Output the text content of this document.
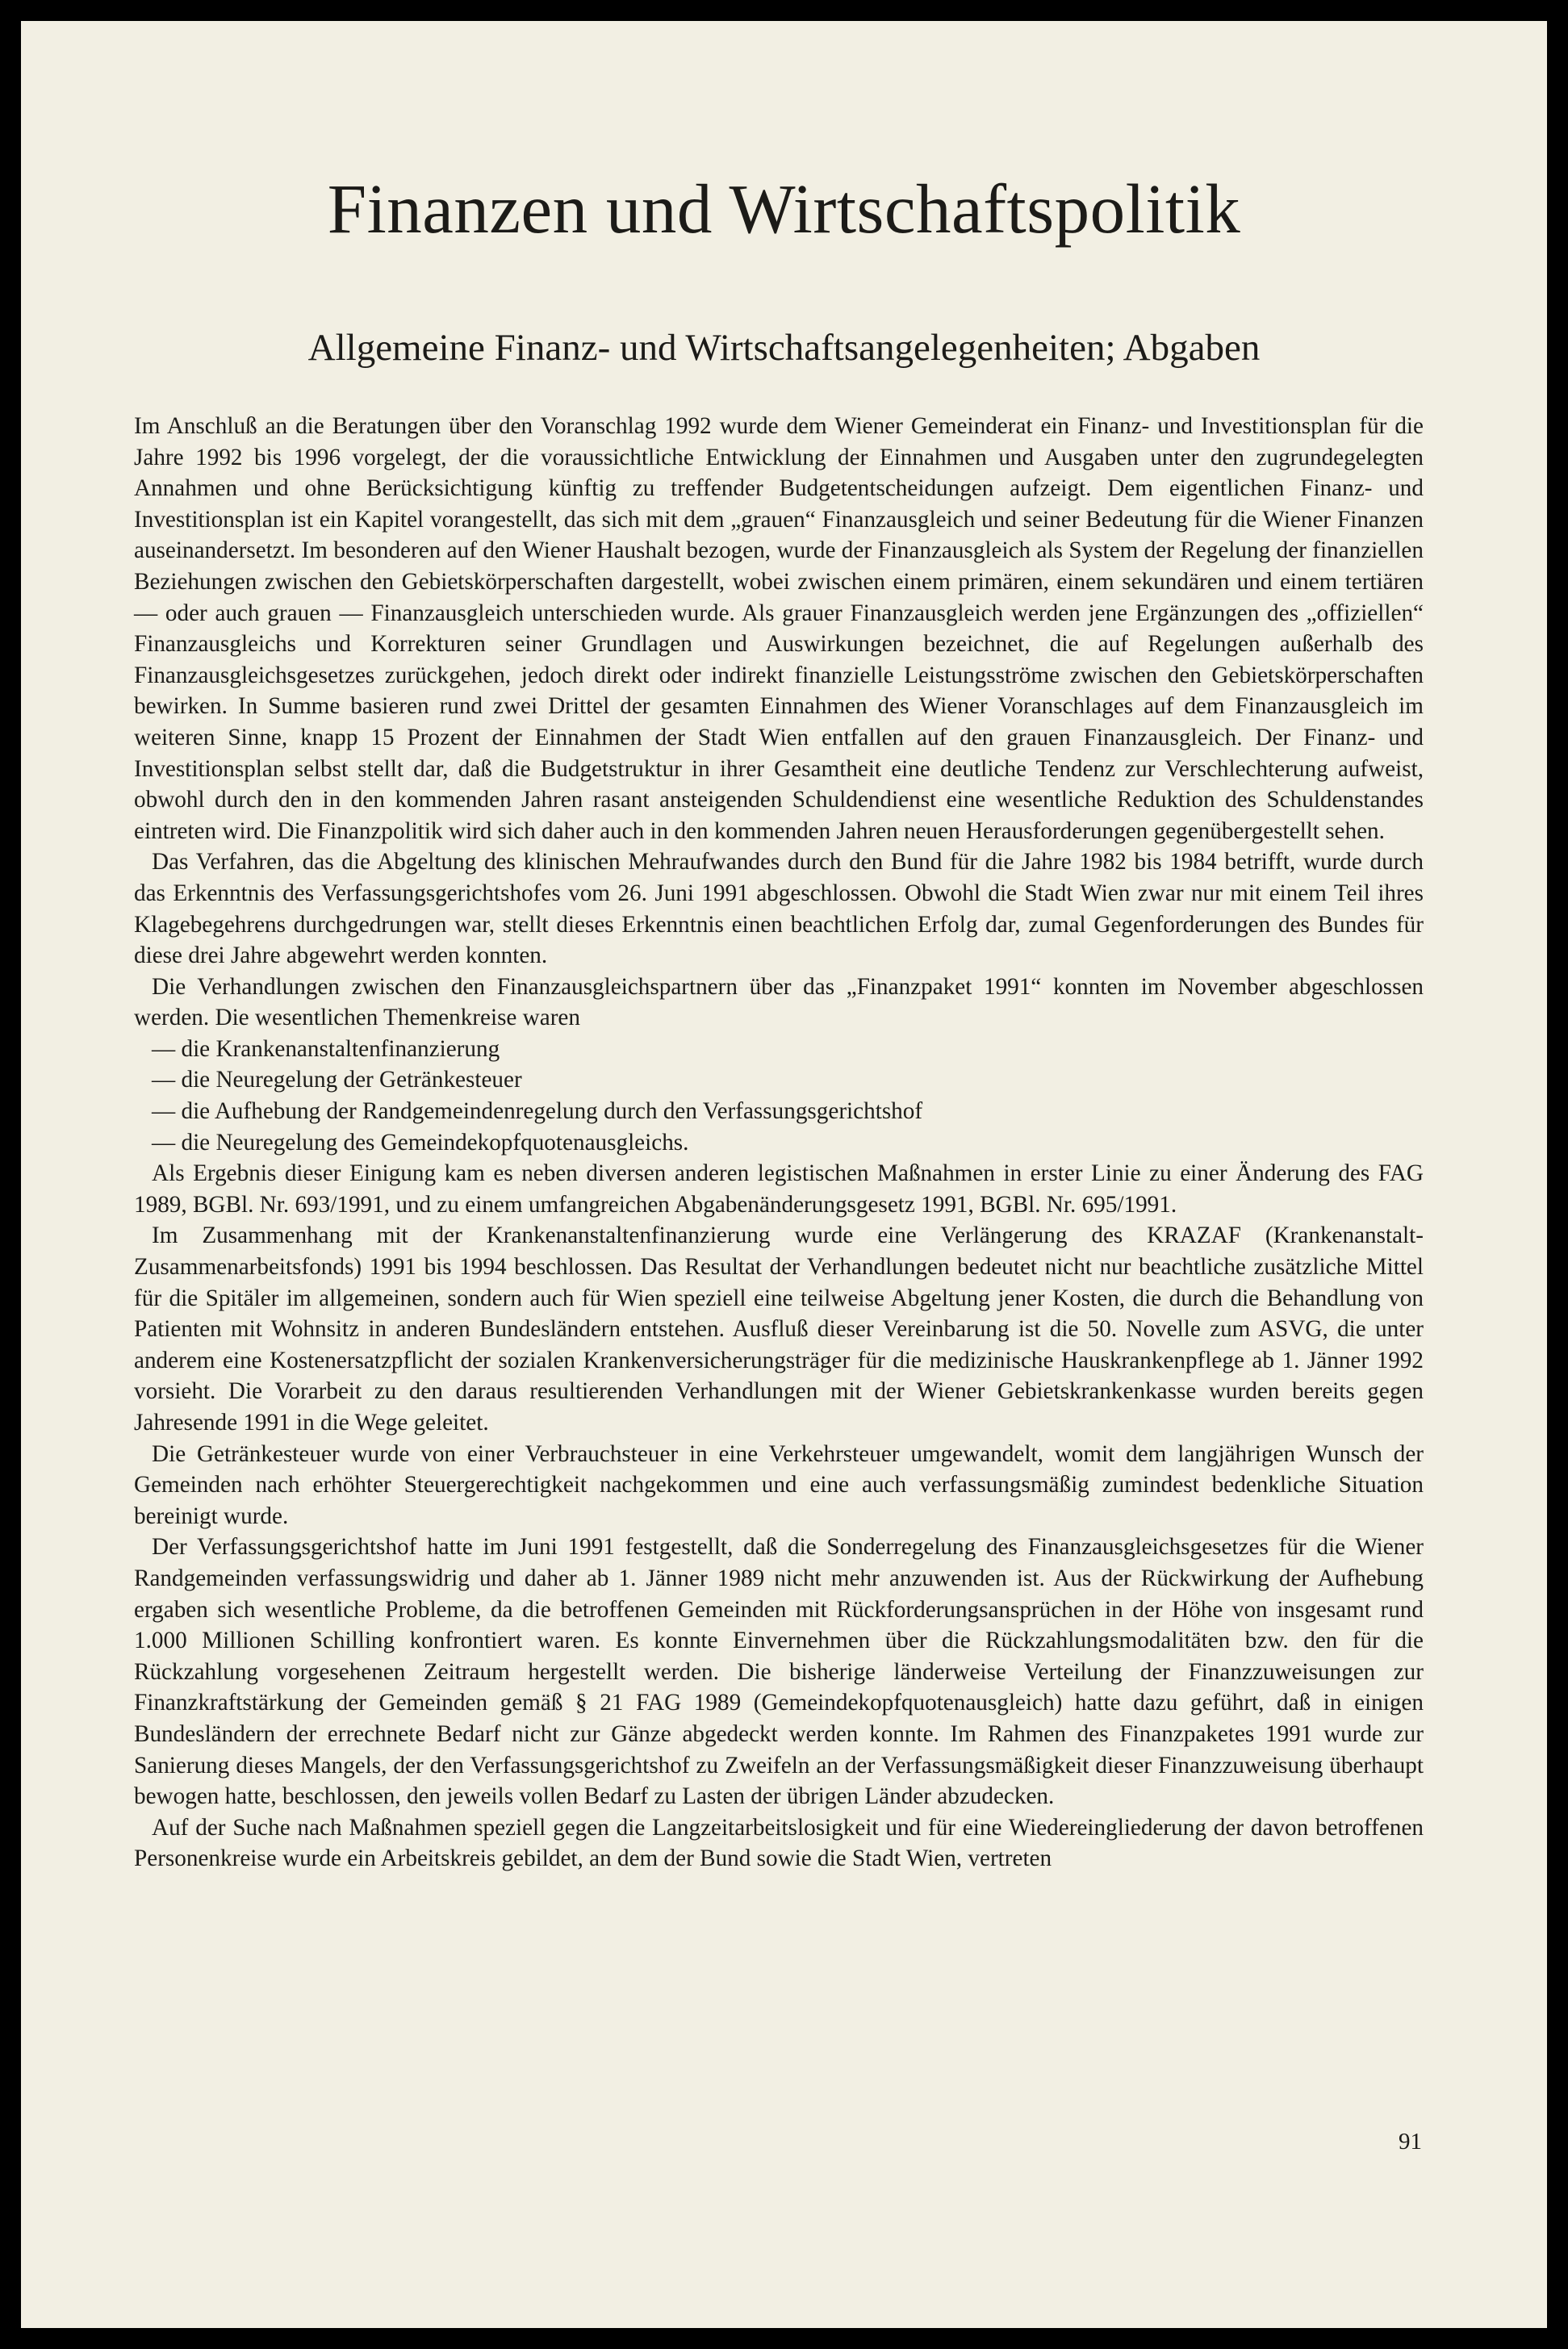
Finanzen und Wirtschaftspolitik
Allgemeine Finanz- und Wirtschaftsangelegenheiten; Abgaben

Im Anschluß an die Beratungen über den Voranschlag 1992 wurde dem Wiener Gemeinderat ein Finanz- und Investitionsplan für die Jahre 1992 bis 1996 vorgelegt, der die voraussichtliche Entwicklung der Einnahmen und Ausgaben unter den zugrundegelegten Annahmen und ohne Berücksichtigung künftig zu treffender Budgetentscheidungen aufzeigt. Dem eigentlichen Finanz- und Investitionsplan ist ein Kapitel vorangestellt, das sich mit dem „grauen“ Finanzausgleich und seiner Bedeutung für die Wiener Finanzen auseinandersetzt. Im besonderen auf den Wiener Haushalt bezogen, wurde der Finanzausgleich als System der Regelung der finanziellen Beziehungen zwischen den Gebietskörperschaften dargestellt, wobei zwischen einem primären, einem sekundären und einem tertiären — oder auch grauen — Finanzausgleich unterschieden wurde. Als grauer Finanzausgleich werden jene Ergänzungen des „offiziellen“ Finanzausgleichs und Korrekturen seiner Grundlagen und Auswirkungen bezeichnet, die auf Regelungen außerhalb des Finanzausgleichsgesetzes zurückgehen, jedoch direkt oder indirekt finanzielle Leistungsströme zwischen den Gebietskörperschaften bewirken. In Summe basieren rund zwei Drittel der gesamten Einnahmen des Wiener Voranschlages auf dem Finanzausgleich im weiteren Sinne, knapp 15 Prozent der Einnahmen der Stadt Wien entfallen auf den grauen Finanzausgleich. Der Finanz- und Investitionsplan selbst stellt dar, daß die Budgetstruktur in ihrer Gesamtheit eine deutliche Tendenz zur Verschlechterung aufweist, obwohl durch den in den kommenden Jahren rasant ansteigenden Schuldendienst eine wesentliche Reduktion des Schuldenstandes eintreten wird. Die Finanzpolitik wird sich daher auch in den kommenden Jahren neuen Herausforderungen gegenübergestellt sehen.

Das Verfahren, das die Abgeltung des klinischen Mehraufwandes durch den Bund für die Jahre 1982 bis 1984 betrifft, wurde durch das Erkenntnis des Verfassungsgerichtshofes vom 26. Juni 1991 abgeschlossen. Obwohl die Stadt Wien zwar nur mit einem Teil ihres Klagebegehrens durchgedrungen war, stellt dieses Erkenntnis einen beachtlichen Erfolg dar, zumal Gegenforderungen des Bundes für diese drei Jahre abgewehrt werden konnten.

Die Verhandlungen zwischen den Finanzausgleichspartnern über das „Finanzpaket 1991“ konnten im November abgeschlossen werden. Die wesentlichen Themenkreise waren

— die Krankenanstaltenfinanzierung

— die Neuregelung der Getränkesteuer

— die Aufhebung der Randgemeindenregelung durch den Verfassungsgerichtshof

— die Neuregelung des Gemeindekopfquotenausgleichs.

Als Ergebnis dieser Einigung kam es neben diversen anderen legistischen Maßnahmen in erster Linie zu einer Änderung des FAG 1989, BGBl. Nr. 693/1991, und zu einem umfangreichen Abgabenänderungsgesetz 1991, BGBl. Nr. 695/1991.

Im Zusammenhang mit der Krankenanstaltenfinanzierung wurde eine Verlängerung des KRAZAF (Krankenanstalt-Zusammenarbeitsfonds) 1991 bis 1994 beschlossen. Das Resultat der Verhandlungen bedeutet nicht nur beachtliche zusätzliche Mittel für die Spitäler im allgemeinen, sondern auch für Wien speziell eine teilweise Abgeltung jener Kosten, die durch die Behandlung von Patienten mit Wohnsitz in anderen Bundesländern entstehen. Ausfluß dieser Vereinbarung ist die 50. Novelle zum ASVG, die unter anderem eine Kostenersatzpflicht der sozialen Krankenversicherungsträger für die medizinische Hauskrankenpflege ab 1. Jänner 1992 vorsieht. Die Vorarbeit zu den daraus resultierenden Verhandlungen mit der Wiener Gebietskrankenkasse wurden bereits gegen Jahresende 1991 in die Wege geleitet.

Die Getränkesteuer wurde von einer Verbrauchsteuer in eine Verkehrsteuer umgewandelt, womit dem langjährigen Wunsch der Gemeinden nach erhöhter Steuergerechtigkeit nachgekommen und eine auch verfassungsmäßig zumindest bedenkliche Situation bereinigt wurde.

Der Verfassungsgerichtshof hatte im Juni 1991 festgestellt, daß die Sonderregelung des Finanzausgleichsgesetzes für die Wiener Randgemeinden verfassungswidrig und daher ab 1. Jänner 1989 nicht mehr anzuwenden ist. Aus der Rückwirkung der Aufhebung ergaben sich wesentliche Probleme, da die betroffenen Gemeinden mit Rückforderungsansprüchen in der Höhe von insgesamt rund 1.000 Millionen Schilling konfrontiert waren. Es konnte Einvernehmen über die Rückzahlungsmodalitäten bzw. den für die Rückzahlung vorgesehenen Zeitraum hergestellt werden. Die bisherige länderweise Verteilung der Finanzzuweisungen zur Finanzkraftstärkung der Gemeinden gemäß § 21 FAG 1989 (Gemeindekopfquotenausgleich) hatte dazu geführt, daß in einigen Bundesländern der errechnete Bedarf nicht zur Gänze abgedeckt werden konnte. Im Rahmen des Finanzpaketes 1991 wurde zur Sanierung dieses Mangels, der den Verfassungsgerichtshof zu Zweifeln an der Verfassungsmäßigkeit dieser Finanzzuweisung überhaupt bewogen hatte, beschlossen, den jeweils vollen Bedarf zu Lasten der übrigen Länder abzudecken.

Auf der Suche nach Maßnahmen speziell gegen die Langzeitarbeitslosigkeit und für eine Wiedereingliederung der davon betroffenen Personenkreise wurde ein Arbeitskreis gebildet, an dem der Bund sowie die Stadt Wien, vertreten

91
